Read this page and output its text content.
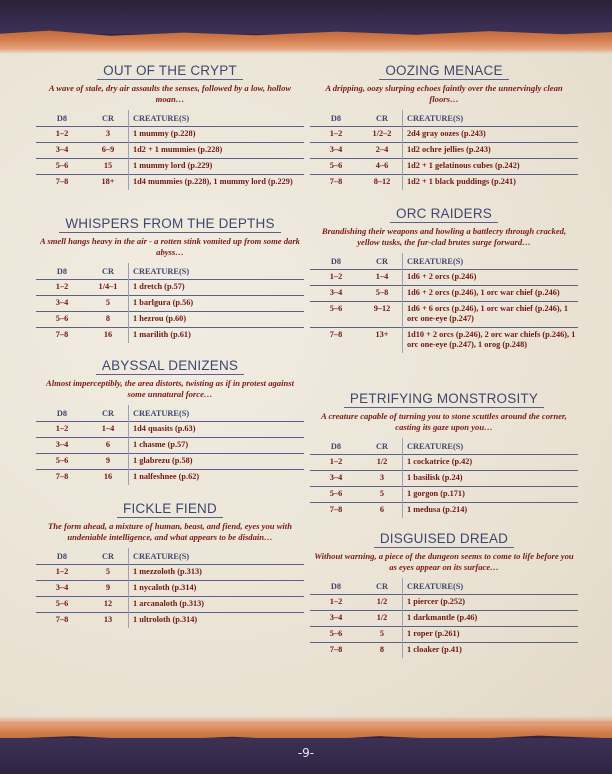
-9-
OUT OF THE CRYPT
A wave of stale, dry air assaults the senses, followed by a low, hollow moan…
D8	CR	CREATURE(S)
1–2	3	1 mummy (p.228)
3–4	6–9	1d2 + 1 mummies (p.228)
5–6	15	1 mummy lord (p.229)
7–8	18+	1d4 mummies (p.228), 1 mummy lord (p.229)
WHISPERS FROM THE DEPTHS
A smell hangs heavy in the air - a rotten stink vomited up from some dark abyss…
D8	CR	CREATURE(S)
1–2	1/4–1	1 dretch (p.57)
3–4	5	1 barlgura (p.56)
5–6	8	1 hezrou (p.60)
7–8	16	1 marilith (p.61)
ABYSSAL DENIZENS
Almost imperceptibly, the area distorts, twisting as if in protest against some unnatural force…
D8	CR	CREATURE(S)
1–2	1–4	1d4 quasits (p.63)
3–4	6	1 chasme (p.57)
5–6	9	1 glabrezu (p.58)
7–8	16	1 nalfeshnee (p.62)
FICKLE FIEND
The form ahead, a mixture of human, beast, and fiend, eyes you with undeniable intelligence, and what appears to be disdain…
D8	CR	CREATURE(S)
1–2	5	1 mezzoloth (p.313)
3–4	9	1 nycaloth (p.314)
5–6	12	1 arcanaloth (p.313)
7–8	13	1 ultroloth (p.314)
OOZING MENACE
A dripping, oozy slurping echoes faintly over the unnervingly clean floors…
D8	CR	CREATURE(S)
1–2	1/2–2	2d4 gray oozes (p.243)
3–4	2–4	1d2 ochre jellies (p.243)
5–6	4–6	1d2 + 1 gelatinous cubes (p.242)
7–8	8–12	1d2 + 1 black puddings (p.241)
ORC RAIDERS
Brandishing their weapons and howling a battlecry through cracked, yellow tusks, the fur-clad brutes surge forward…
D8	CR	CREATURE(S)
1–2	1–4	1d6 + 2 orcs (p.246)
3–4	5–8	1d6 + 2 orcs (p.246), 1 orc war chief (p.246)
5–6	9–12	1d6 + 6 orcs (p.246), 1 orc war chief (p.246), 1 orc one-eye (p.247)
7–8	13+	1d10 + 2 orcs (p.246), 2 orc war chiefs (p.246), 1 orc one-eye (p.247), 1 orog (p.248)
PETRIFYING MONSTROSITY
A creature capable of turning you to stone scuttles around the corner, casting its gaze upon you…
D8	CR	CREATURE(S)
1–2	1/2	1 cockatrice (p.42)
3–4	3	1 basilisk (p.24)
5–6	5	1 gorgon (p.171)
7–8	6	1 medusa (p.214)
DISGUISED DREAD
Without warning, a piece of the dungeon seems to come to life before you as eyes appear on its surface…
D8	CR	CREATURE(S)
1–2	1/2	1 piercer (p.252)
3–4	1/2	1 darkmantle (p.46)
5–6	5	1 roper (p.261)
7–8	8	1 cloaker (p.41)
